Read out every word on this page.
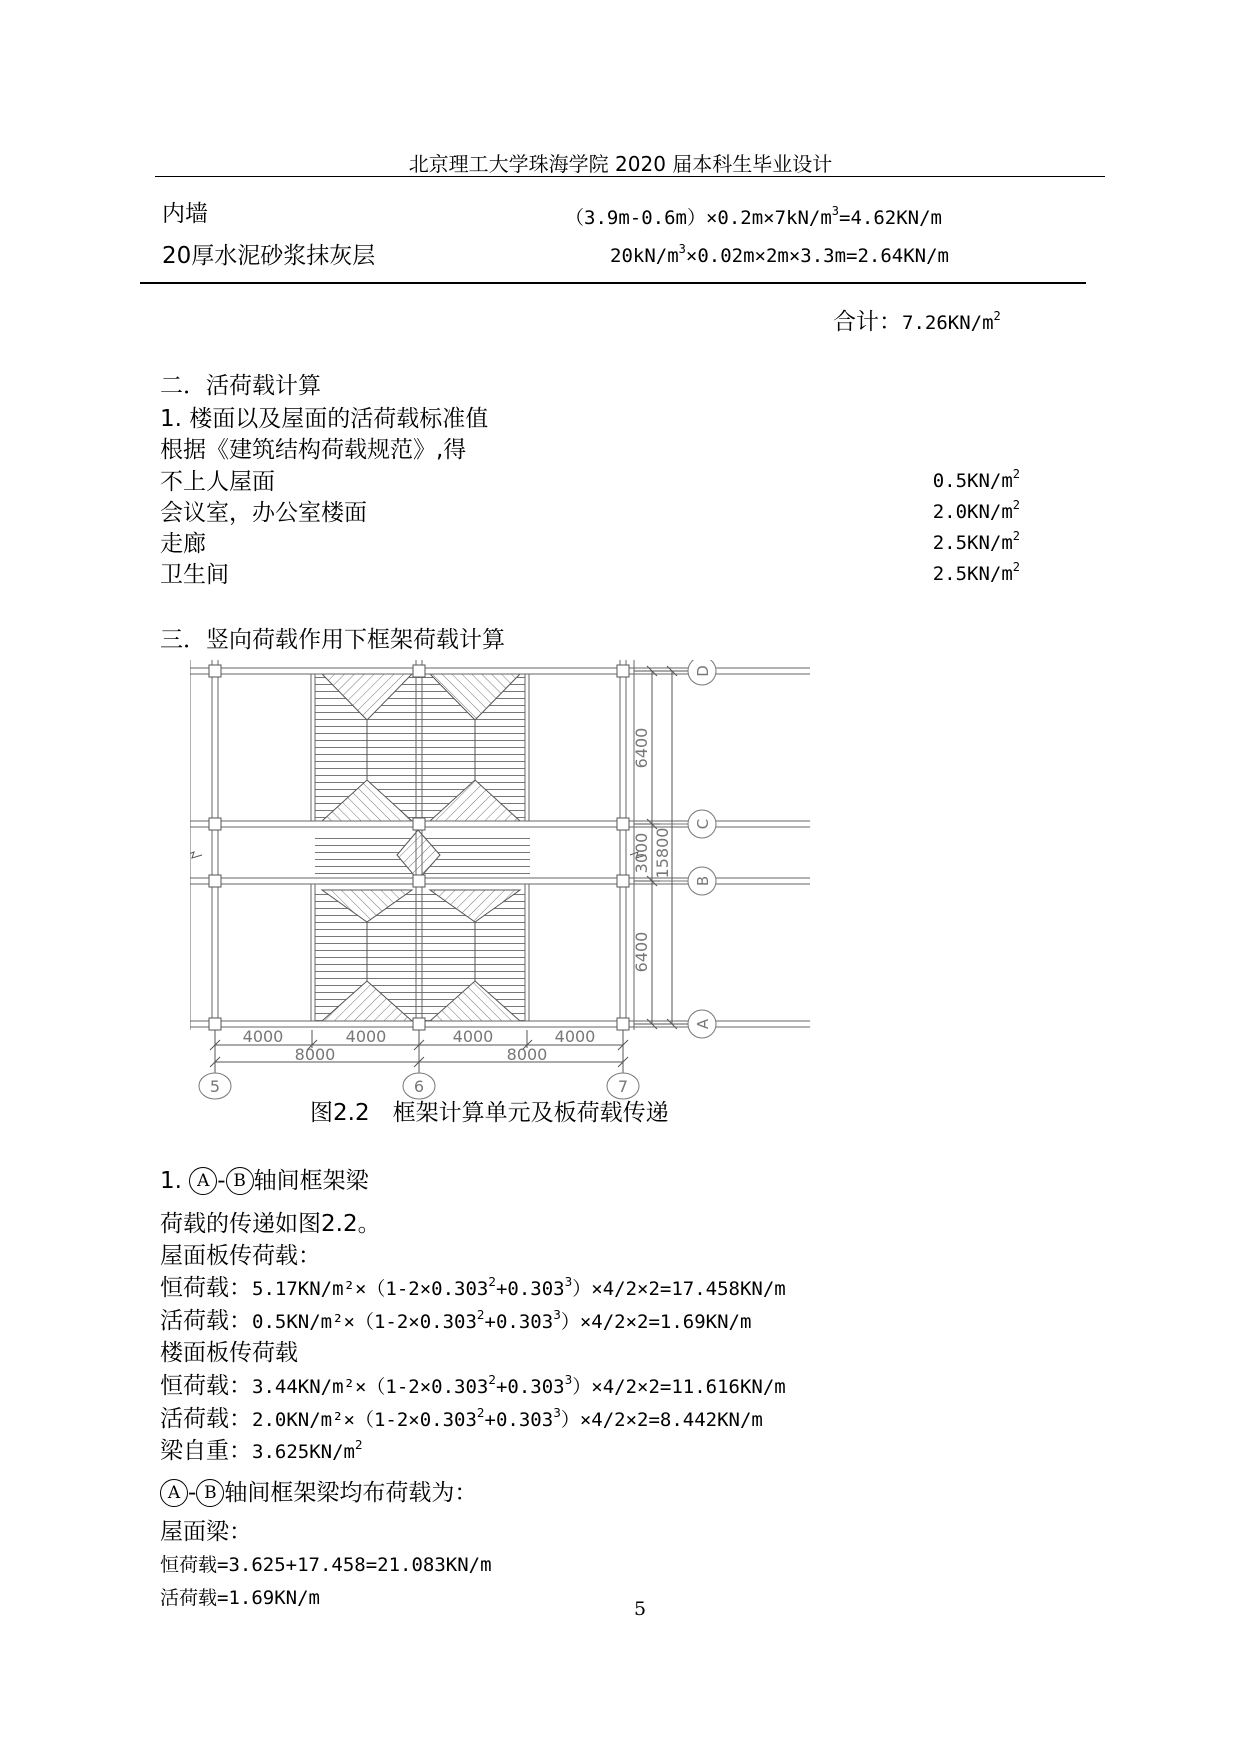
北京理工大学珠海学院 2020 届本科生毕业设计
内墙	$(3.9m-0.6m)\times 0.2m\times 7kN/m^3=4.62KN/m$
20厚水泥砂浆抹灰层	$20kN/m^3\times 0.02m\times 2m\times 3.3m=2.64KN/m$
合计：$7.26KN/m^2$
二．活荷载计算
1. 楼面以及屋面的活荷载标准值
根据《建筑结构荷载规范》,得
不上人屋面	$0.5KN/m^2$
会议室，办公室楼面	$2.0KN/m^2$
走廊	$2.5KN/m^2$
卫生间	$2.5KN/m^2$
三．竖向荷载作用下框架荷载计算
4000	4000	4000	4000
8000	8000
5	6	7
6400
3000
6400
15800
D
C
B
A
图2.2　框架计算单元及板荷载传递
1. A - B 轴间框架梁
荷载的传递如图2.2。
屋面板传荷载：
恒荷载：$5.17KN/m^2\times(1-2\times 0.303^2+0.303^3)\times 4/2\times 2=17.458KN/m$
活荷载：$0.5KN/m^2\times(1-2\times 0.303^2+0.303^3)\times 4/2\times 2=1.69KN/m$
楼面板传荷载
恒荷载：$3.44KN/m^2\times(1-2\times 0.303^2+0.303^3)\times 4/2\times 2=11.616KN/m$
活荷载：$2.0KN/m^2\times(1-2\times 0.303^2+0.303^3)\times 4/2\times 2=8.442KN/m$
梁自重：$3.625KN/m^2$
A - B 轴间框架梁均布荷载为：
屋面梁：
恒荷载=3.625+17.458=21.083KN/m
活荷载=1.69KN/m	5
